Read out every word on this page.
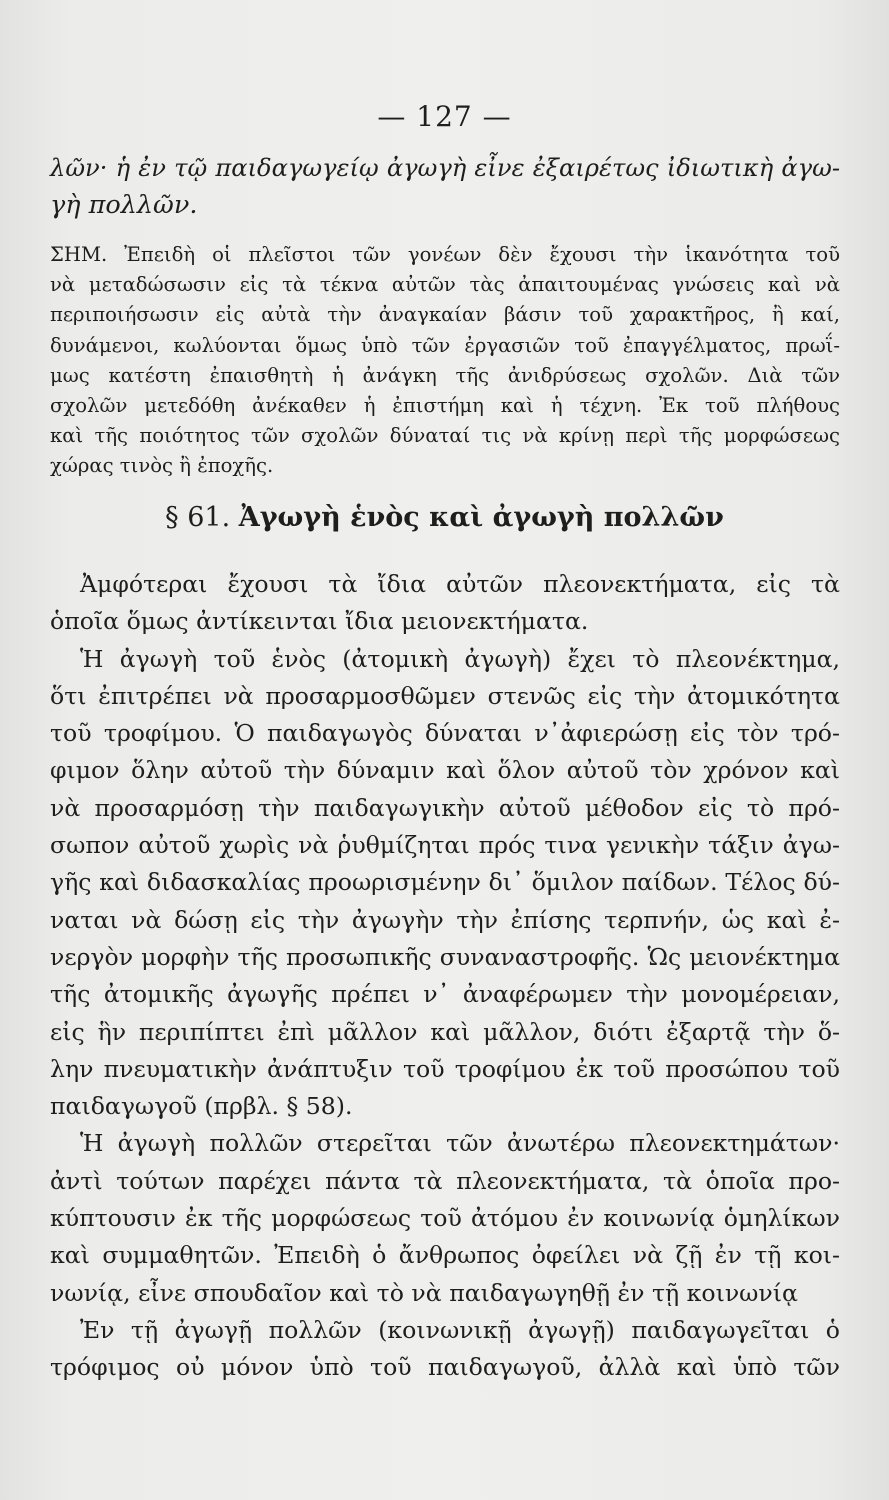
— 127 —
λῶν· ἡ ἐν τῷ παιδαγωγείῳ ἀγωγὴ εἶνε ἐξαιρέτως ἰδιωτικὴ ἀγω-
γὴ πολλῶν.
ΣΗΜ. Ἐπειδὴ οἱ πλεῖστοι τῶν γονέων δὲν ἔχουσι τὴν ἱκανότητα τοῦ
νὰ μεταδώσωσιν εἰς τὰ τέκνα αὐτῶν τὰς ἀπαιτουμένας γνώσεις καὶ νὰ
περιποιήσωσιν εἰς αὐτὰ τὴν ἀναγκαίαν βάσιν τοῦ χαρακτῆρος, ἢ καί,
δυνάμενοι, κωλύονται ὅμως ὑπὸ τῶν ἐργασιῶν τοῦ ἐπαγγέλματος, πρωΐ-
μως κατέστη ἐπαισθητὴ ἡ ἀνάγκη τῆς ἀνιδρύσεως σχολῶν. Διὰ τῶν
σχολῶν μετεδόθη ἀνέκαθεν ἡ ἐπιστήμη καὶ ἡ τέχνη. Ἐκ τοῦ πλήθους
καὶ τῆς ποιότητος τῶν σχολῶν δύναταί τις νὰ κρίνῃ περὶ τῆς μορφώσεως
χώρας τινὸς ἢ ἐποχῆς.
§ 61. Ἀγωγὴ ἑνὸς καὶ ἀγωγὴ πολλῶν
Ἀμφότεραι ἔχουσι τὰ ἴδια αὐτῶν πλεονεκτήματα, εἰς τὰ
ὁποῖα ὅμως ἀντίκεινται ἴδια μειονεκτήματα.
Ἡ ἀγωγὴ τοῦ ἑνὸς (ἀτομικὴ ἀγωγὴ) ἔχει τὸ πλεονέκτημα,
ὅτι ἐπιτρέπει νὰ προσαρμοσθῶμεν στενῶς εἰς τὴν ἀτομικότητα
τοῦ τροφίμου. Ὁ παιδαγωγὸς δύναται ν᾽ἀφιερώσῃ εἰς τὸν τρό-
φιμον ὅλην αὐτοῦ τὴν δύναμιν καὶ ὅλον αὐτοῦ τὸν χρόνον καὶ
νὰ προσαρμόσῃ τὴν παιδαγωγικὴν αὐτοῦ μέθοδον εἰς τὸ πρό-
σωπον αὐτοῦ χωρὶς νὰ ῥυθμίζηται πρός τινα γενικὴν τάξιν ἀγω-
γῆς καὶ διδασκαλίας προωρισμένην δι᾽ ὅμιλον παίδων. Τέλος δύ-
ναται νὰ δώσῃ εἰς τὴν ἀγωγὴν τὴν ἐπίσης τερπνήν, ὡς καὶ ἐ-
νεργὸν μορφὴν τῆς προσωπικῆς συναναστροφῆς. Ὡς μειονέκτημα
τῆς ἀτομικῆς ἀγωγῆς πρέπει ν᾽ ἀναφέρωμεν τὴν μονομέρειαν,
εἰς ἣν περιπίπτει ἐπὶ μᾶλλον καὶ μᾶλλον, διότι ἐξαρτᾷ τὴν ὅ-
λην πνευματικὴν ἀνάπτυξιν τοῦ τροφίμου ἐκ τοῦ προσώπου τοῦ
παιδαγωγοῦ (πρβλ. § 58).
Ἡ ἀγωγὴ πολλῶν στερεῖται τῶν ἀνωτέρω πλεονεκτημάτων·
ἀντὶ τούτων παρέχει πάντα τὰ πλεονεκτήματα, τὰ ὁποῖα προ-
κύπτουσιν ἐκ τῆς μορφώσεως τοῦ ἀτόμου ἐν κοινωνίᾳ ὁμηλίκων
καὶ συμμαθητῶν. Ἐπειδὴ ὁ ἄνθρωπος ὀφείλει νὰ ζῇ ἐν τῇ κοι-
νωνίᾳ, εἶνε σπουδαῖον καὶ τὸ νὰ παιδαγωγηθῇ ἐν τῇ κοινωνίᾳ
Ἐν τῇ ἀγωγῇ πολλῶν (κοινωνικῇ ἀγωγῇ) παιδαγωγεῖται ὁ
τρόφιμος οὐ μόνον ὑπὸ τοῦ παιδαγωγοῦ, ἀλλὰ καὶ ὑπὸ τῶν
